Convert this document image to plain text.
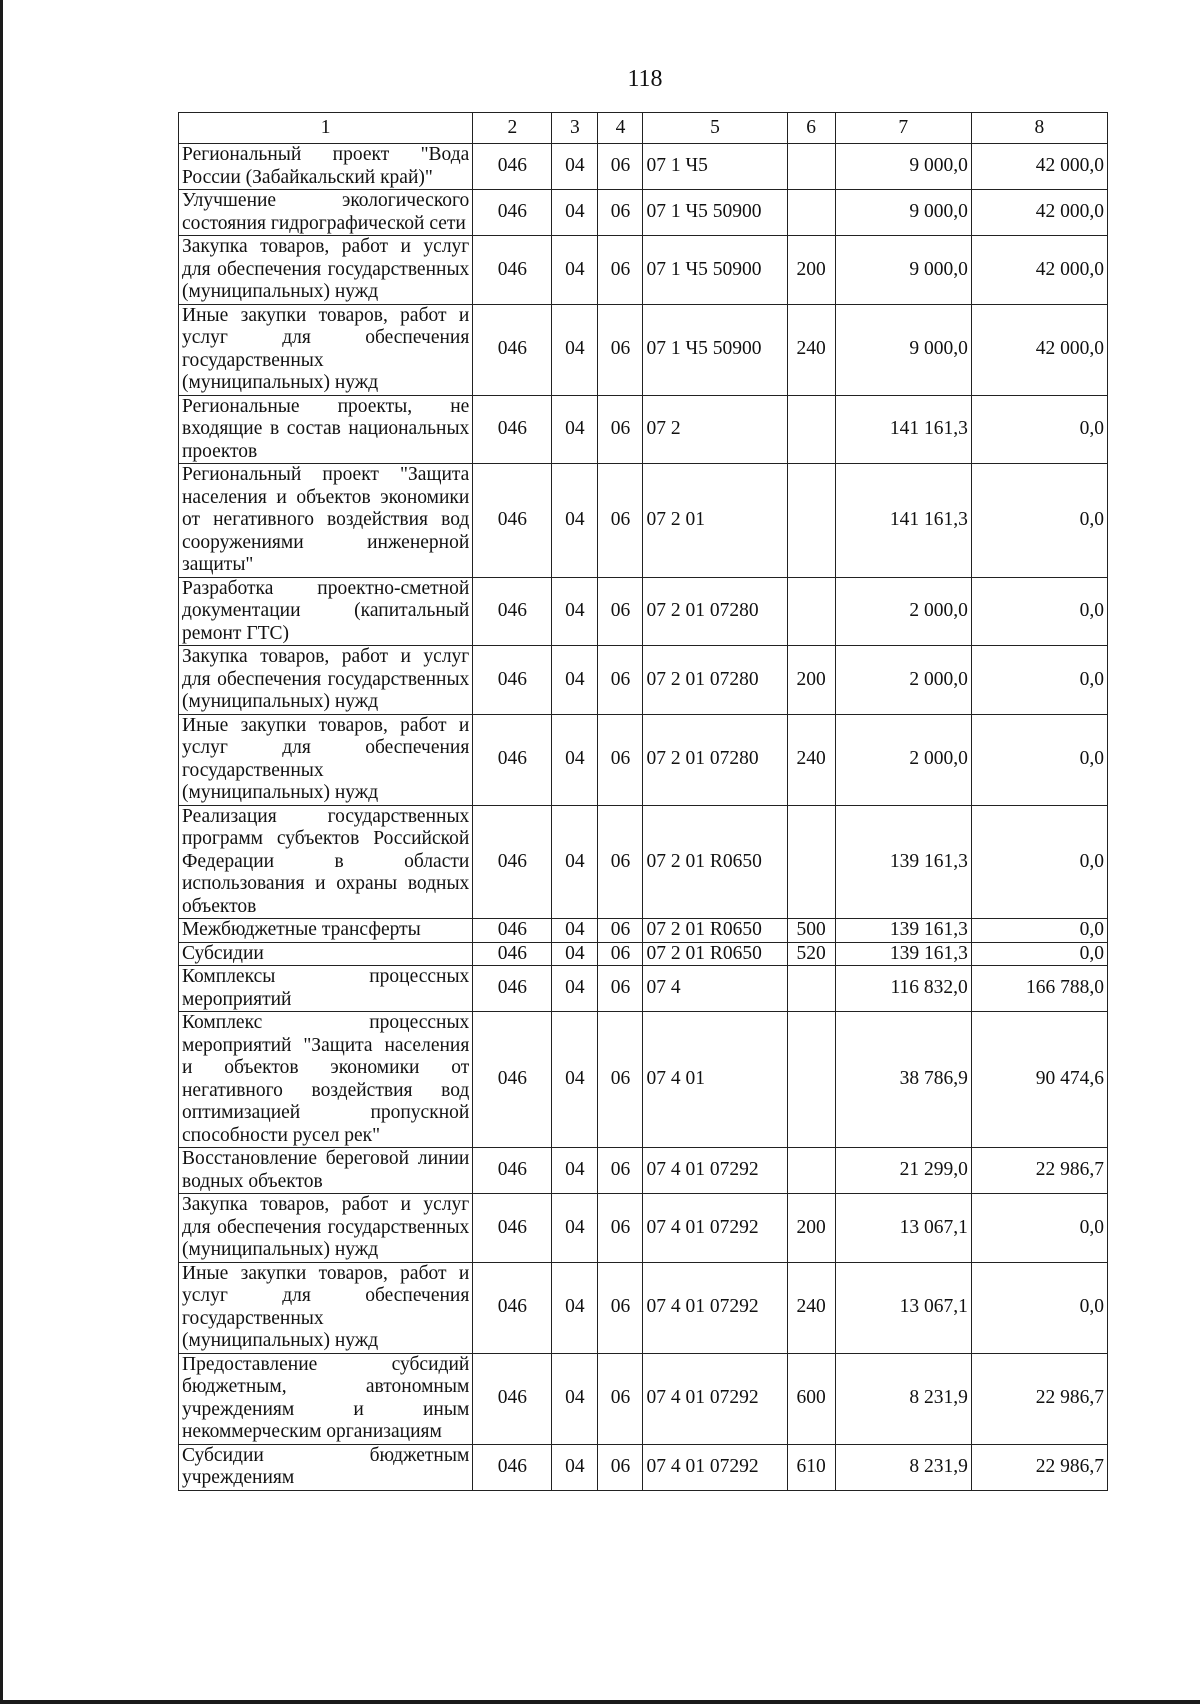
118
1	2	3	4	5	6	7	8
Региональный проект "Вода России (Забайкальский край)"	046	04	06	07 1 Ч5		9 000,0	42 000,0
Улучшение экологического состояния гидрографической сети	046	04	06	07 1 Ч5 50900		9 000,0	42 000,0
Закупка товаров, работ и услуг для обеспечения государственных (муниципальных) нужд	046	04	06	07 1 Ч5 50900	200	9 000,0	42 000,0
Иные закупки товаров, работ и услуг для обеспечения государственных (муниципальных) нужд	046	04	06	07 1 Ч5 50900	240	9 000,0	42 000,0
Региональные проекты, не входящие в состав национальных проектов	046	04	06	07 2		141 161,3	0,0
Региональный проект "Защита населения и объектов экономики от негативного воздействия вод сооружениями инженерной защиты"	046	04	06	07 2 01		141 161,3	0,0
Разработка проектно-сметной документации (капитальный ремонт ГТС)	046	04	06	07 2 01 07280		2 000,0	0,0
Закупка товаров, работ и услуг для обеспечения государственных (муниципальных) нужд	046	04	06	07 2 01 07280	200	2 000,0	0,0
Иные закупки товаров, работ и услуг для обеспечения государственных (муниципальных) нужд	046	04	06	07 2 01 07280	240	2 000,0	0,0
Реализация государственных программ субъектов Российской Федерации в области использования и охраны водных объектов	046	04	06	07 2 01 R0650		139 161,3	0,0
Межбюджетные трансферты	046	04	06	07 2 01 R0650	500	139 161,3	0,0
Субсидии	046	04	06	07 2 01 R0650	520	139 161,3	0,0
Комплексы процессных мероприятий	046	04	06	07 4		116 832,0	166 788,0
Комплекс процессных мероприятий "Защита населения и объектов экономики от негативного воздействия вод оптимизацией пропускной способности русел рек"	046	04	06	07 4 01		38 786,9	90 474,6
Восстановление береговой линии водных объектов	046	04	06	07 4 01 07292		21 299,0	22 986,7
Закупка товаров, работ и услуг для обеспечения государственных (муниципальных) нужд	046	04	06	07 4 01 07292	200	13 067,1	0,0
Иные закупки товаров, работ и услуг для обеспечения государственных (муниципальных) нужд	046	04	06	07 4 01 07292	240	13 067,1	0,0
Предоставление субсидий бюджетным, автономным учреждениям и иным некоммерческим организациям	046	04	06	07 4 01 07292	600	8 231,9	22 986,7
Субсидии бюджетным учреждениям	046	04	06	07 4 01 07292	610	8 231,9	22 986,7
